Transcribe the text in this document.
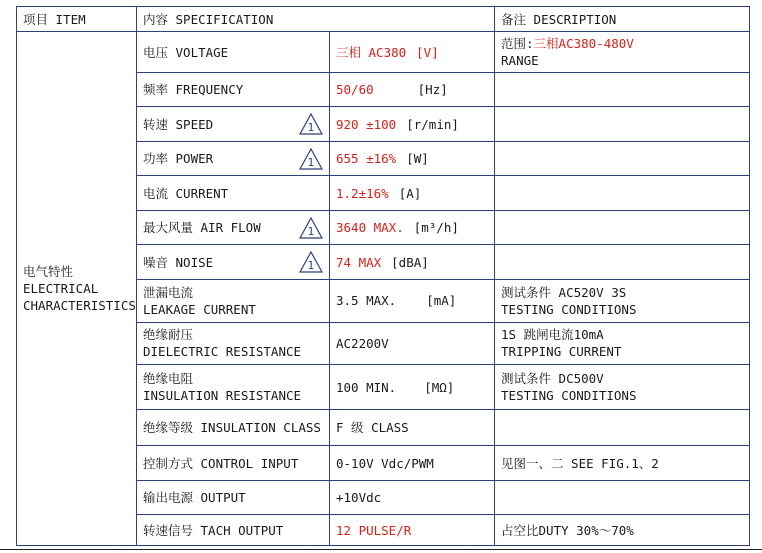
项目 ITEM	内容 SPECIFICATION		备注 DESCRIPTION

电气特性
ELECTRICAL
CHARACTERISTICS	电压 VOLTAGE	三相 AC380 [V]	范围:三相AC380-480V
RANGE

	频率 FREQUENCY	50/60 [Hz]	
	转速 SPEED 1	920 ±100 [r/min]	
	功率 POWER 1	655 ±16% [W]	
	电流 CURRENT	1.2±16% [A]	
	最大风量 AIR FLOW 1	3640 MAX. [m³/h]	
	噪音 NOISE 1	74 MAX [dBA]	

	泄漏电流
LEAKAGE CURRENT	3.5 MAX. [mA]	测试条件 AC520V 3S
TESTING CONDITIONS

	绝缘耐压
DIELECTRIC RESISTANCE	AC2200V	1S 跳闸电流10mA
TRIPPING CURRENT

	绝缘电阻
INSULATION RESISTANCE	100 MIN. [MΩ]	测试条件 DC500V
TESTING CONDITIONS

	绝缘等级 INSULATION CLASS	F 级 CLASS	
	控制方式 CONTROL INPUT	0-10V Vdc/PWM	见图一、二 SEE FIG.1、2
	输出电源 OUTPUT	+10Vdc	
	转速信号 TACH OUTPUT	12 PULSE/R	占空比DUTY 30%～70%
